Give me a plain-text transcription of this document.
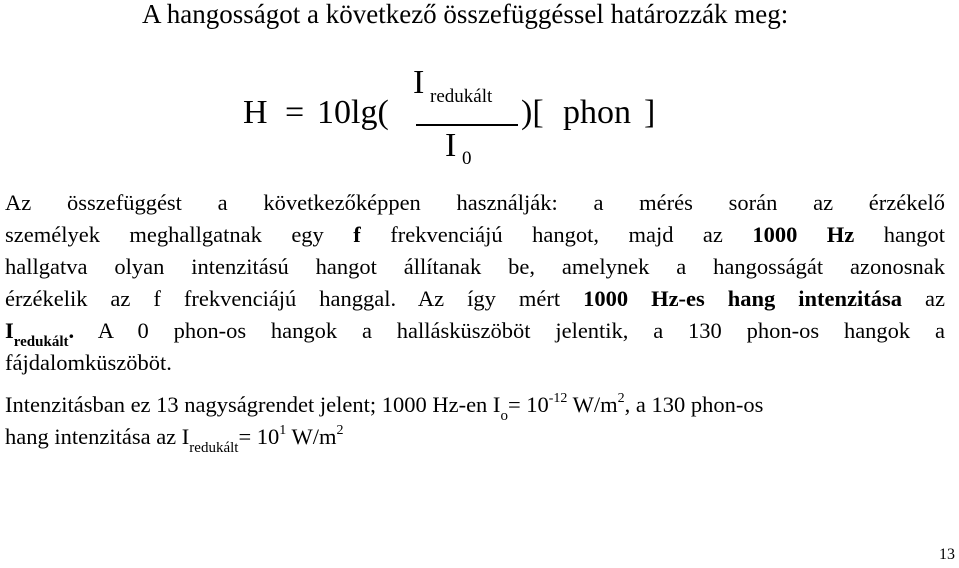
A hangosságot a következő összefüggéssel határozzák meg:
H = 10lg(
I redukált
I 0
)[ phon ]
Az összefüggést a következőképpen használják: a mérés során az érzékelő
személyek meghallgatnak egy f frekvenciájú hangot, majd az 1000 Hz hangot
hallgatva olyan intenzitású hangot állítanak be, amelynek a hangosságát azonosnak
érzékelik az f frekvenciájú hanggal. Az így mért 1000 Hz-es hang intenzitása az
$I_{redukált}$. A 0 phon-os hangok a hallásküszöböt jelentik, a 130 phon-os hangok a
fájdalomküszöböt.
Intenzitásban ez 13 nagyságrendet jelent; 1000 Hz-en $I_o= 10^{-12}$ $W/m^2$, a 130 phon-os
hang intenzitása az $I_{redukált}= 10^1$ $W/m^2$
13
